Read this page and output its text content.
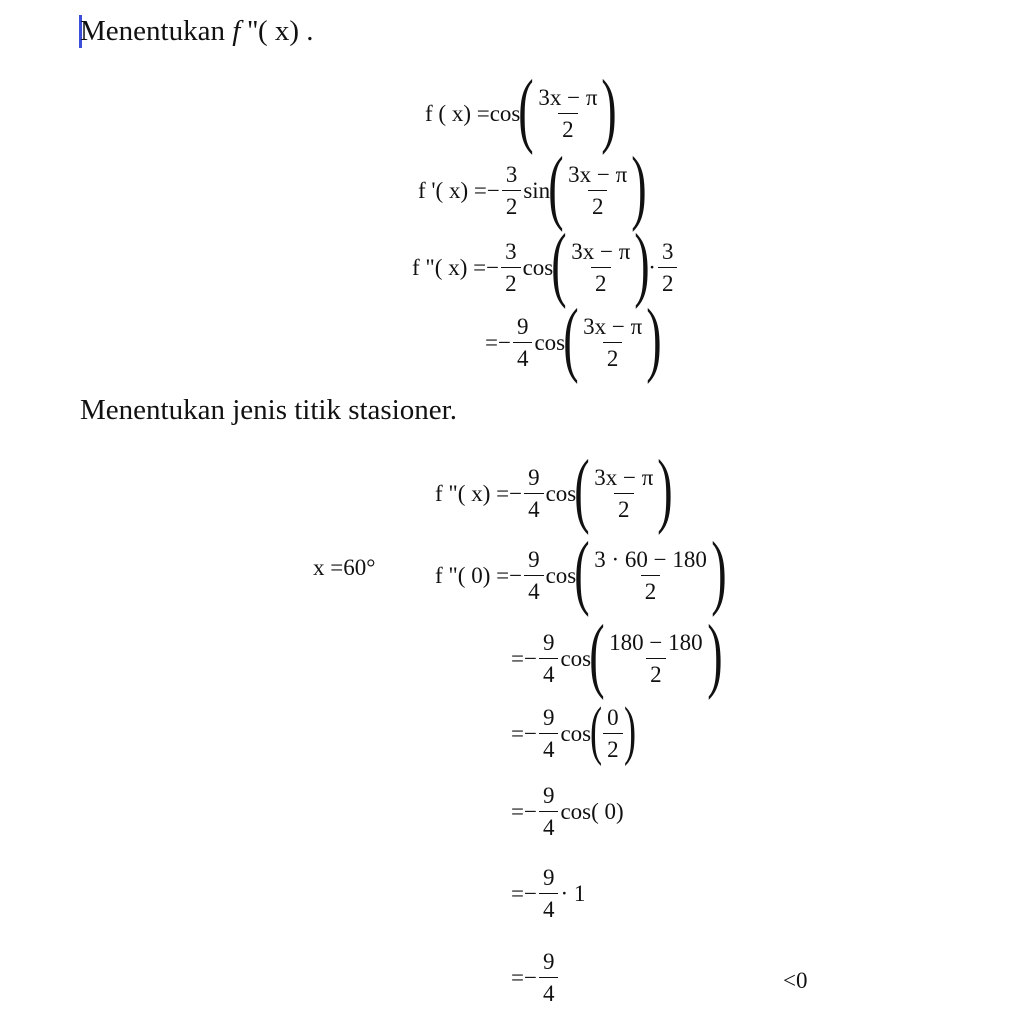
Menentukan f ''( x) .
f ( x) =cos
( $\frac{3x - \pi}{2}$ )
f '( $x) =- \frac{3}{2}$ sin
( $\frac{3x - \pi}{2}$ )
f "( $x) =- \frac{3}{2}$ cos
( $\frac{3x - \pi}{2}$ )
· $\frac{3}{2}$
=− $\frac{9}{4}$ cos
( $\frac{3x - \pi}{2}$ )
Menentukan jenis titik stasioner.
x =60°
f "( $x) =- \frac{9}{4}$ cos
( $\frac{3x - \pi}{2}$ )
f "( $0) =- \frac{9}{4}$ cos
( $\frac{3 \cdot 60 - 180}{2}$ )
=− $\frac{9}{4}$ cos
( $\frac{180 - 180}{2}$ )
=− $\frac{9}{4}$ cos
( $\frac{0}{2}$ )
=− $\frac{9}{4} \cos$( 0)
=− $\frac{9}{4} \cdot 1$
=− $\frac{9}{4}$	<0
